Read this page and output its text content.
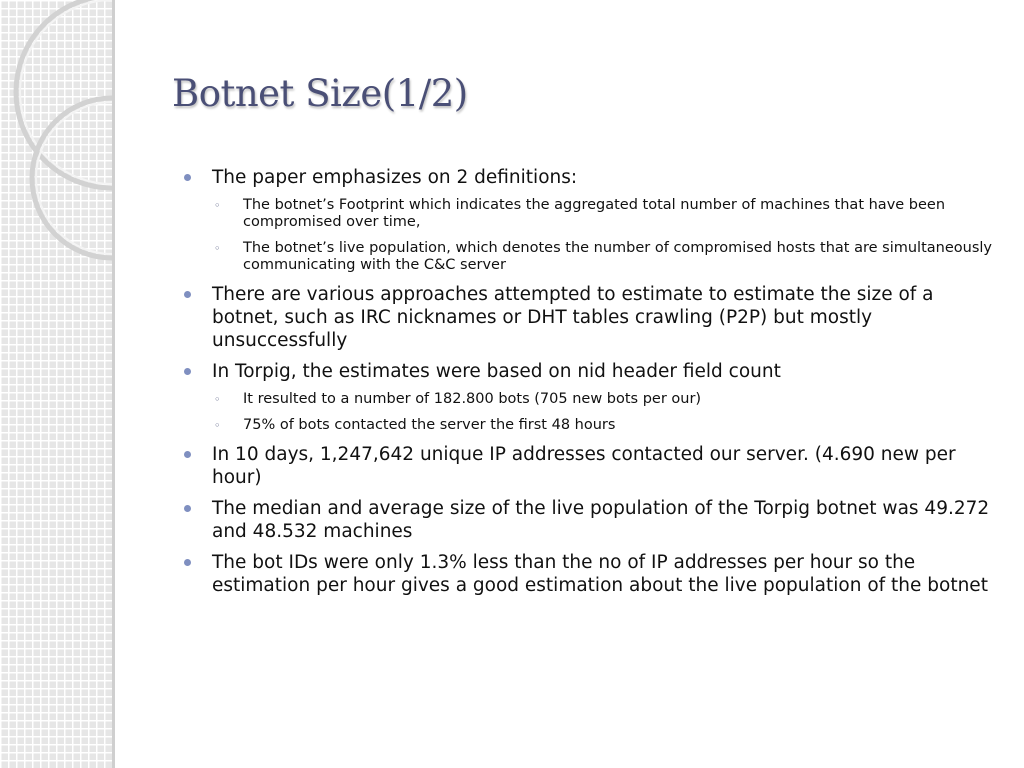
Botnet Size(1/2)
The paper emphasizes on 2 definitions:
◦ The botnet’s Footprint which indicates the aggregated total number of machines that have been compromised over time,
◦ The botnet’s live population, which denotes the number of compromised hosts that are simultaneously communicating with the C&C server
There are various approaches attempted to estimate to estimate the size of a botnet, such as IRC nicknames or DHT tables crawling (P2P) but mostly unsuccessfully
In Torpig, the estimates were based on nid header field count
◦ It resulted to a number of 182.800 bots (705 new bots per our)
◦ 75% of bots contacted the server the first 48 hours
In 10 days, 1,247,642 unique IP addresses contacted our server. (4.690 new per hour)
The median and average size of the live population of the Torpig botnet was 49.272 and 48.532 machines
The bot IDs were only 1.3% less than the no of IP addresses per hour so the estimation per hour gives a good estimation about the live population of the botnet
